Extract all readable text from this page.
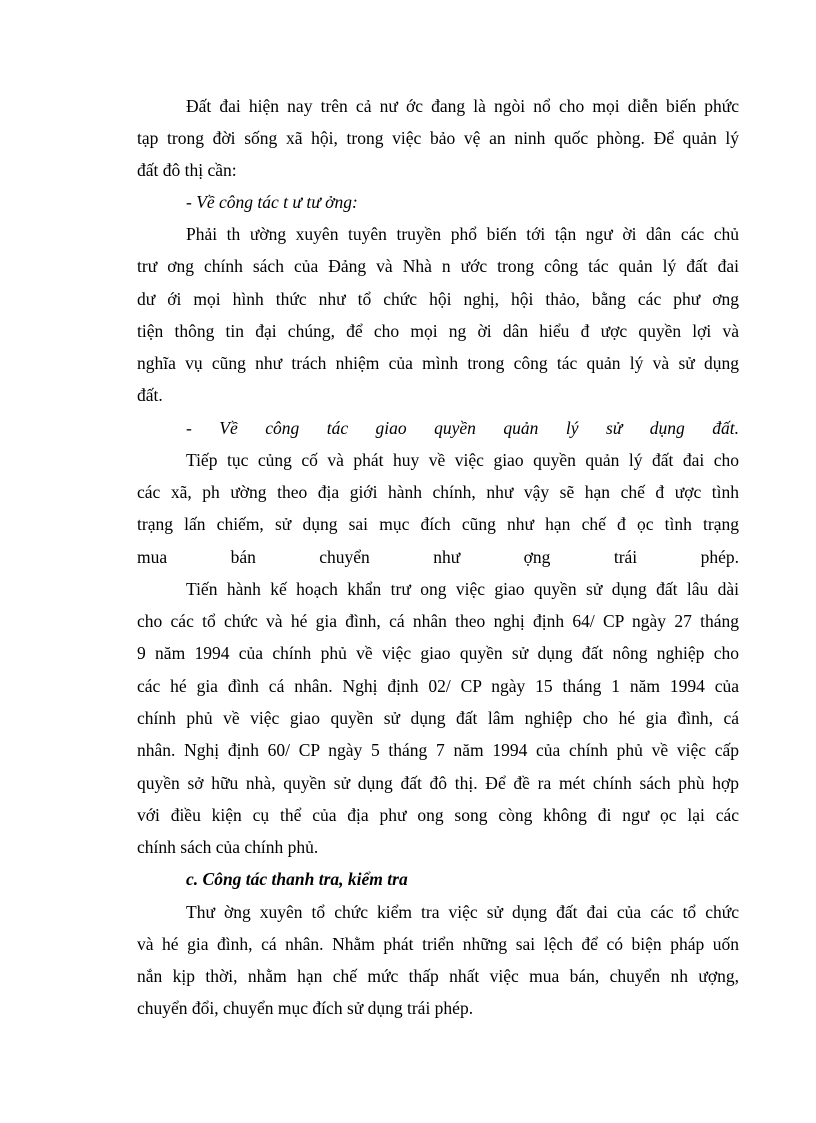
Đất đai hiện nay trên cả nư ớc đang là ngòi nổ cho mọi diễn biến phức
tạp trong đời sống xã hội, trong việc bảo vệ an ninh quốc phòng. Để quản lý
đất đô thị cần:
- Về công tác t ư tư ởng:
Phải th ường xuyên tuyên truyền phổ biến tới tận ngư ời dân các chủ
trư ơng chính sách của Đảng và Nhà n ước trong công tác quản lý đất đai
dư ới mọi hình thức như tổ chức hội nghị, hội thảo, bằng các phư ơng
tiện thông tin đại chúng, để cho mọi ng ời dân hiểu đ ược quyền lợi và
nghĩa vụ cũng như trách nhiệm của mình trong công tác quản lý và sử dụng
đất.
- Về công tác giao quyền quản lý sử dụng đất.
Tiếp tục củng cố và phát huy về việc giao quyền quản lý đất đai cho
các xã, ph ường theo địa giới hành chính, như vậy sẽ hạn chế đ ược tình
trạng lấn chiếm, sử dụng sai mục đích cũng như hạn chế đ ọc tình trạng
mua bán chuyển như ợng trái phép.
Tiến hành kế hoạch khẩn trư ong việc giao quyền sử dụng đất lâu dài
cho các tổ chức và hé gia đình, cá nhân theo nghị định 64/ CP ngày 27 tháng
9 năm 1994 của chính phủ về việc giao quyền sử dụng đất nông nghiệp cho
các hé gia đình cá nhân. Nghị định 02/ CP ngày 15 tháng 1 năm 1994 của
chính phủ về việc giao quyền sử dụng đất lâm nghiệp cho hé gia đình, cá
nhân. Nghị định 60/ CP ngày 5 tháng 7 năm 1994 của chính phủ về việc cấp
quyền sở hữu nhà, quyền sử dụng đất đô thị. Để đề ra mét chính sách phù hợp
với điều kiện cụ thể của địa phư ong song còng không đi ngư ọc lại các
chính sách của chính phủ.
c. Công tác thanh tra, kiểm tra
Thư ờng xuyên tổ chức kiểm tra việc sử dụng đất đai của các tổ chức
và hé gia đình, cá nhân. Nhằm phát triển những sai lệch để có biện pháp uốn
nắn kịp thời, nhằm hạn chế mức thấp nhất việc mua bán, chuyển nh ượng,
chuyển đổi, chuyển mục đích sử dụng trái phép.
